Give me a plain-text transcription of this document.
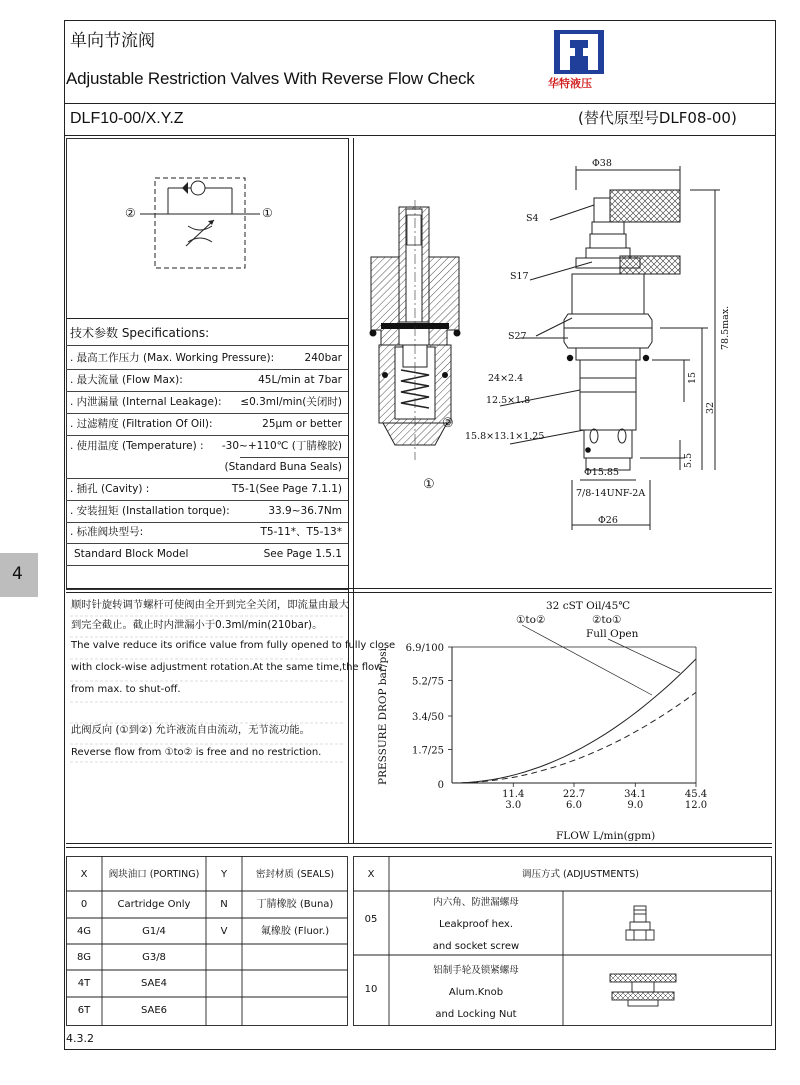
单向节流阀
Adjustable Restriction Valves With Reverse Flow Check	华特液压
DLF10-00/X.Y.Z	(替代原型号DLF08-00)
4
②	①
技术参数 Specifications:
. 最高工作压力 (Max. Working Pressure):	240bar
. 最大流量 (Flow Max):	45L/min at 7bar
. 内泄漏量 (Internal Leakage): ≤0.3ml/min(关闭时)
. 过滤精度 (Filtration Of Oil):	25μm or better
. 使用温度 (Temperature) : -30~+110℃ (丁腈橡胶)
(Standard Buna Seals)
. 插孔 (Cavity) :	T5-1(See Page 7.1.1)
. 安装扭矩 (Installation torque):	33.9~36.7Nm
. 标准阀块型号:	T5-11*、T5-13*
Standard Block Model	See Page 1.5.1
顺时针旋转调节螺杆可使阀由全开到完全关闭，即流量由最大
到完全截止。截止时内泄漏小于0.3ml/min(210bar)。
The valve reduce its orifice value from fully opened to fully close
with clock-wise adjustment rotation.At the same time,the flow
from max. to shut-off.
此阀反向 (①到②) 允许液流自由流动，无节流功能。
Reverse flow from ①to② is free and no restriction.
②
①
Φ38
S4
S17
S27	78.5max.
24×2.4
12.5×1.8
15.8×13.1×1.25
15
32
5.5
Φ15.85
7/8-14UNF-2A
Φ26
0
1.7/25
3.4/50
5.2/75
6.9/100
11.4
3.0
22.7
6.0
34.1
9.0
45.4
12.0
32 cST Oil/45℃
①to②	②to①
Full Open
FLOW L/min(gpm)
PRESSURE DROP bar/psi
X	阀块油口 (PORTING)	Y	密封材质 (SEALS)
0	Cartridge Only	N	丁腈橡胶 (Buna)
4G	G1/4	V	氟橡胶 (Fluor.)
8G	G3/8
4T	SAE4
6T	SAE6
X	调压方式 (ADJUSTMENTS)
05
内六角、防泄漏螺母
Leakproof hex.
and socket screw
10
铝制手轮及锁紧螺母
Alum.Knob
and Locking Nut
4.3.2
